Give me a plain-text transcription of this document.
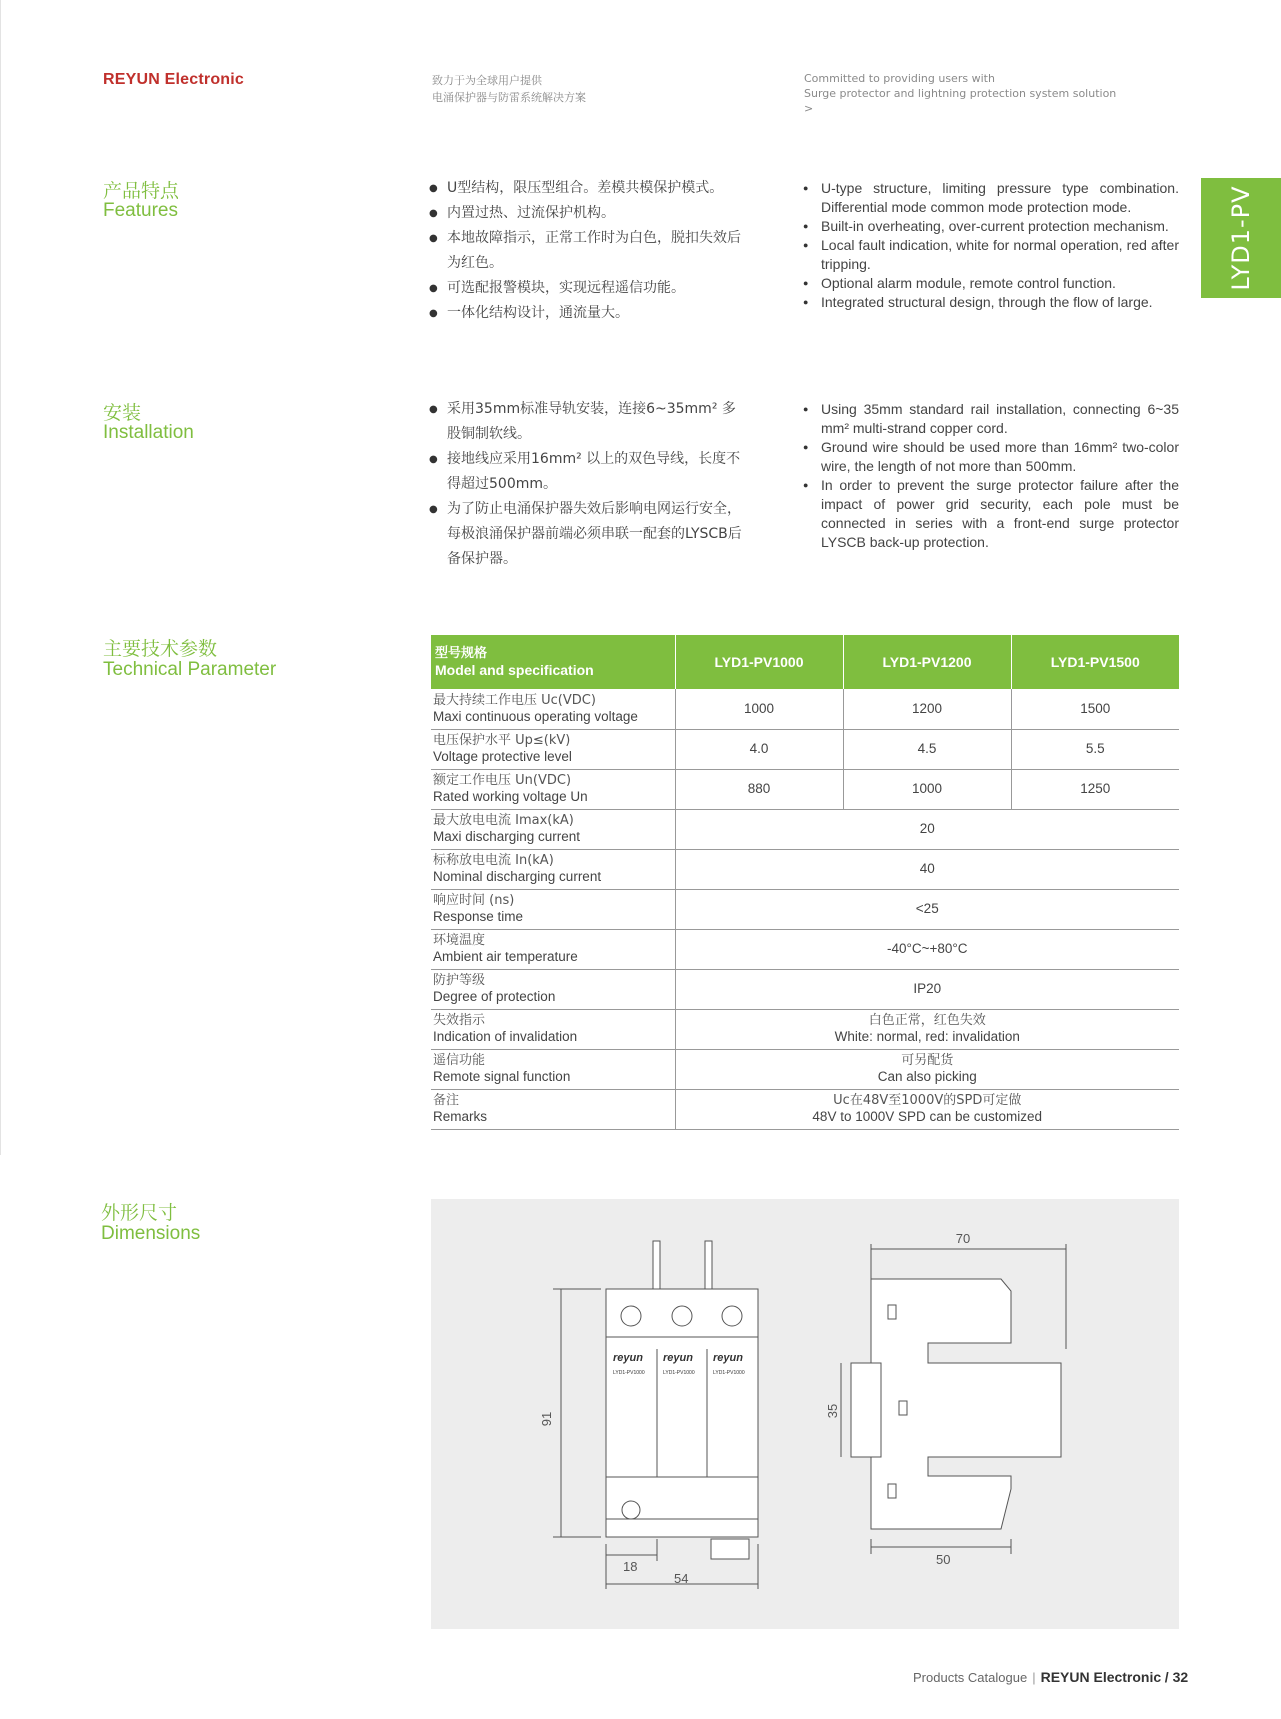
REYUN Electronic	致力于为全球用户提供
电涌保护器与防雷系统解决方案
Committed to providing users with
Surge protector and lightning protection system solution
>
LYD1-PV
产品特点
Features
● U型结构，限压型组合。差模共模保护模式。
● 内置过热、过流保护机构。
● 本地故障指示，正常工作时为白色，脱扣失效后为红色。
● 可选配报警模块，实现远程遥信功能。
● 一体化结构设计，通流量大。
● U-type structure, limiting pressure type combination. Differential mode common mode protection mode.
● Built-in overheating, over-current protection mechanism.
● Local fault indication, white for normal operation, red after tripping.
● Optional alarm module, remote control function.
● Integrated structural design, through the flow of large.
安装
Installation
● 采用35mm标准导轨安装，连接6~35mm² 多股铜制软线。
● 接地线应采用16mm² 以上的双色导线，长度不得超过500mm。
● 为了防止电涌保护器失效后影响电网运行安全，每极浪涌保护器前端必须串联一配套的LYSCB后备保护器。
● Using 35mm standard rail installation, connecting 6~35 mm² multi-strand copper cord.
● Ground wire should be used more than 16mm² two-color wire, the length of not more than 500mm.
● In order to prevent the surge protector failure after the impact of power grid security, each pole must be connected in series with a front-end surge protector LYSCB back-up protection.
主要技术参数
Technical Parameter
型号规格
Model and specification	LYD1-PV1000	LYD1-PV1200	LYD1-PV1500

最大持续工作电压 Uc(VDC)
Maxi continuous operating voltage	1000	1200	1500

电压保护水平 Up≤(kV)
Voltage protective level	4.0	4.5	5.5

额定工作电压 Un(VDC)
Rated working voltage Un	880	1000	1250

最大放电电流 Imax(kA)
Maxi discharging current	20		

标称放电电流 In(kA)
Nominal discharging current	40		

响应时间 (ns)
Response time	<25		

环境温度
Ambient air temperature	-40°C~+80°C		

防护等级
Degree of protection	IP20		

失效指示
Indication of invalidation	白色正常，红色失效
White: normal, red: invalidation		

遥信功能
Remote signal function	可另配货
Can also picking		

备注
Remarks	Uc在48V至1000V的SPD可定做
48V to 1000V SPD can be customized		
外形尺寸
Dimensions
reyun reyun reyun
LYD1-PV1000	LYD1-PV1000	LYD1-PV1000
91
18
54
70
35
50
Products Catalogue | REYUN Electronic / 32
